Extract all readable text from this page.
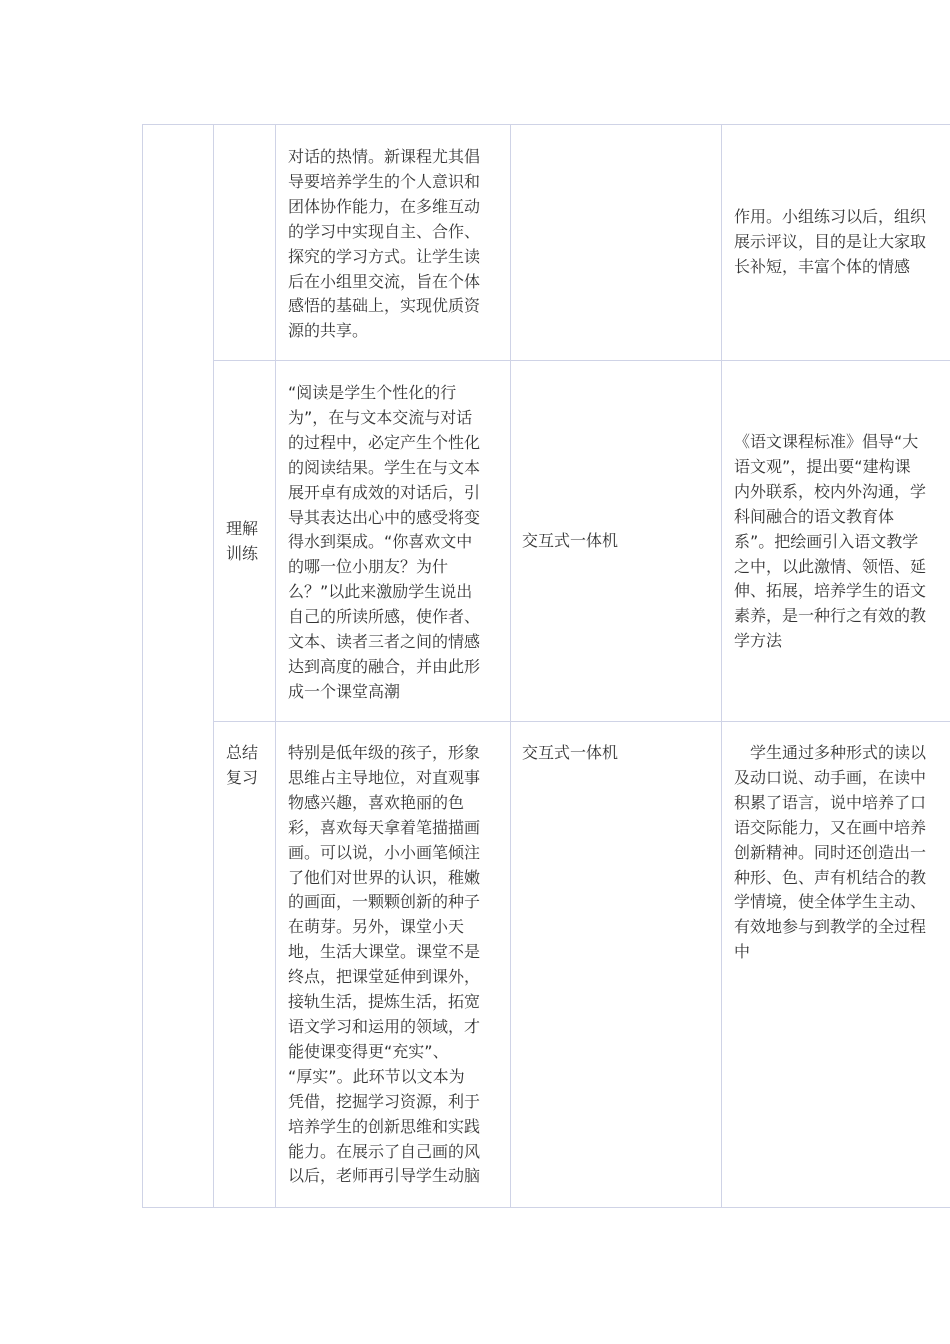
对话的热情。新课程尤其倡
导要培养学生的个人意识和
团体协作能力，在多维互动
的学习中实现自主、合作、
探究的学习方式。让学生读
后在小组里交流，旨在个体
感悟的基础上，实现优质资
源的共享。
作用。小组练习以后，组织
展示评议，目的是让大家取
长补短，丰富个体的情感
理解
训练
“阅读是学生个性化的行
为”，在与文本交流与对话
的过程中，必定产生个性化
的阅读结果。学生在与文本
展开卓有成效的对话后，引
导其表达出心中的感受将变
得水到渠成。“你喜欢文中
的哪一位小朋友？为什
么？”以此来激励学生说出
自己的所读所感，使作者、
文本、读者三者之间的情感
达到高度的融合，并由此形
成一个课堂高潮
交互式一体机
《语文课程标准》倡导“大
语文观”，提出要“建构课
内外联系，校内外沟通，学
科间融合的语文教育体
系”。把绘画引入语文教学
之中，以此激情、领悟、延
伸、拓展，培养学生的语文
素养，是一种行之有效的教
学方法
总结
复习
特别是低年级的孩子，形象
思维占主导地位，对直观事
物感兴趣，喜欢艳丽的色
彩，喜欢每天拿着笔描描画
画。可以说，小小画笔倾注
了他们对世界的认识，稚嫩
的画面，一颗颗创新的种子
在萌芽。另外，课堂小天
地，生活大课堂。课堂不是
终点，把课堂延伸到课外，
接轨生活，提炼生活，拓宽
语文学习和运用的领域，才
能使课变得更“充实”、
“厚实”。此环节以文本为
凭借，挖掘学习资源，利于
培养学生的创新思维和实践
能力。在展示了自己画的风
以后，老师再引导学生动脑
交互式一体机	学生通过多种形式的读以
及动口说、动手画，在读中
积累了语言，说中培养了口
语交际能力，又在画中培养
创新精神。同时还创造出一
种形、色、声有机结合的教
学情境，使全体学生主动、
有效地参与到教学的全过程
中
